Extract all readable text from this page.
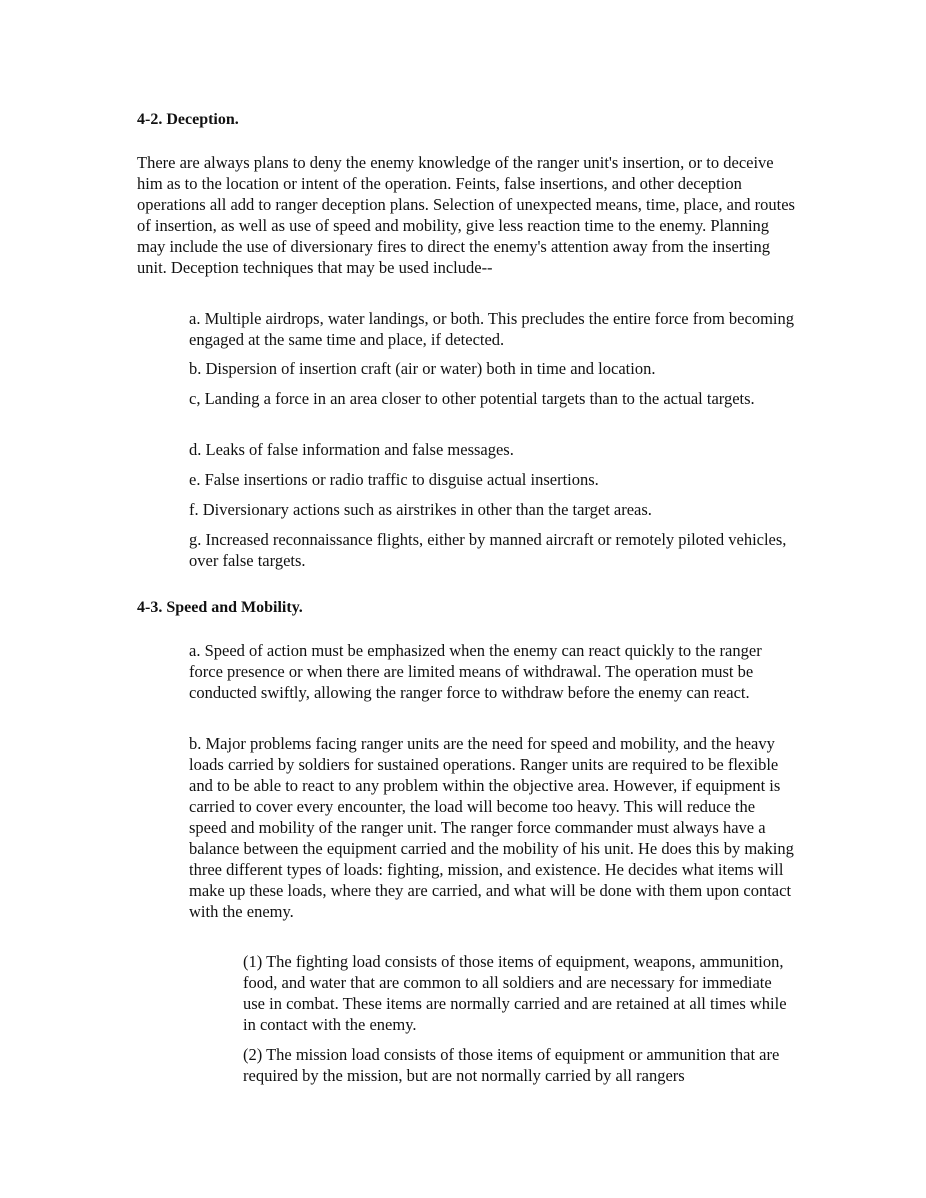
4-2. Deception.

There are always plans to deny the enemy knowledge of the ranger unit's insertion, or to deceive him as to the location or intent of the operation. Feints, false insertions, and other deception operations all add to ranger deception plans. Selection of unexpected means, time, place, and routes of insertion, as well as use of speed and mobility, give less reaction time to the enemy. Planning may include the use of diversionary fires to direct the enemy's attention away from the inserting unit. Deception techniques that may be used include--

a. Multiple airdrops, water landings, or both. This precludes the entire force from becoming engaged at the same time and place, if detected.

b. Dispersion of insertion craft (air or water) both in time and location.

c, Landing a force in an area closer to other potential targets than to the actual targets.

d. Leaks of false information and false messages.

e. False insertions or radio traffic to disguise actual insertions.

f. Diversionary actions such as airstrikes in other than the target areas.

g. Increased reconnaissance flights, either by manned aircraft or remotely piloted vehicles, over false targets.

4-3. Speed and Mobility.

a. Speed of action must be emphasized when the enemy can react quickly to the ranger force presence or when there are limited means of withdrawal. The operation must be conducted swiftly, allowing the ranger force to withdraw before the enemy can react.

b. Major problems facing ranger units are the need for speed and mobility, and the heavy loads carried by soldiers for sustained operations. Ranger units are required to be flexible and to be able to react to any problem within the objective area. However, if equipment is carried to cover every encounter, the load will become too heavy. This will reduce the speed and mobility of the ranger unit. The ranger force commander must always have a balance between the equipment carried and the mobility of his unit. He does this by making three different types of loads: fighting, mission, and existence. He decides what items will make up these loads, where they are carried, and what will be done with them upon contact with the enemy.

(1) The fighting load consists of those items of equipment, weapons, ammunition, food, and water that are common to all soldiers and are necessary for immediate use in combat. These items are normally carried and are retained at all times while in contact with the enemy.

(2) The mission load consists of those items of equipment or ammunition that are required by the mission, but are not normally carried by all rangers
